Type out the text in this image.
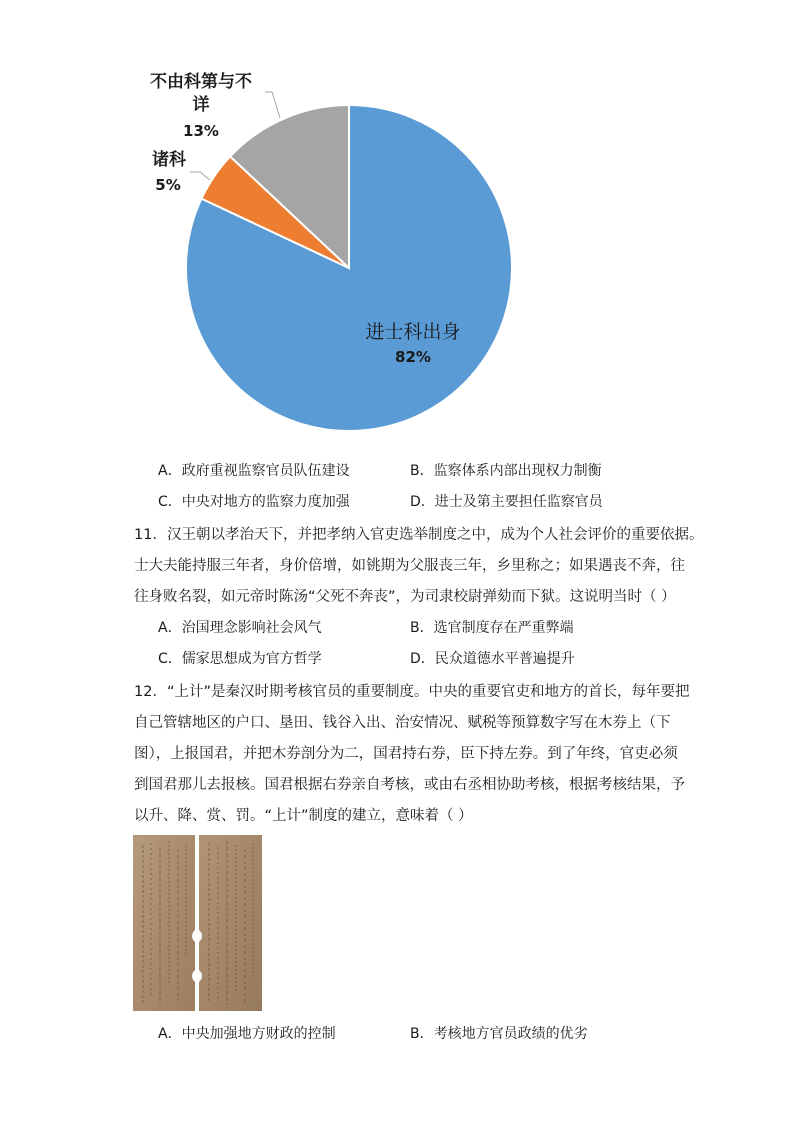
进士科出身
82%
诸科
5%
不由科第与不
详
13%
A．政府重视监察官员队伍建设	B．监察体系内部出现权力制衡
C．中央对地方的监察力度加强	D．进士及第主要担任监察官员
11．汉王朝以孝治天下，并把孝纳入官吏选举制度之中，成为个人社会评价的重要依据。
士大夫能持服三年者，身价倍增，如铫期为父服丧三年，乡里称之；如果遇丧不奔，往
往身败名裂，如元帝时陈汤“父死不奔丧”，为司隶校尉弹劾而下狱。这说明当时（ ）
A．治国理念影响社会风气	B．选官制度存在严重弊端
C．儒家思想成为官方哲学	D．民众道德水平普遍提升
12．“上计”是秦汉时期考核官员的重要制度。中央的重要官吏和地方的首长，每年要把
自己管辖地区的户口、垦田、钱谷入出、治安情况、赋税等预算数字写在木券上（下
图），上报国君，并把木券剖分为二，国君持右券，臣下持左券。到了年终，官吏必须
到国君那儿去报核。国君根据右券亲自考核，或由右丞相协助考核，根据考核结果，予
以升、降、赏、罚。“上计”制度的建立，意味着（ ）
A．中央加强地方财政的控制	B．考核地方官员政绩的优劣
